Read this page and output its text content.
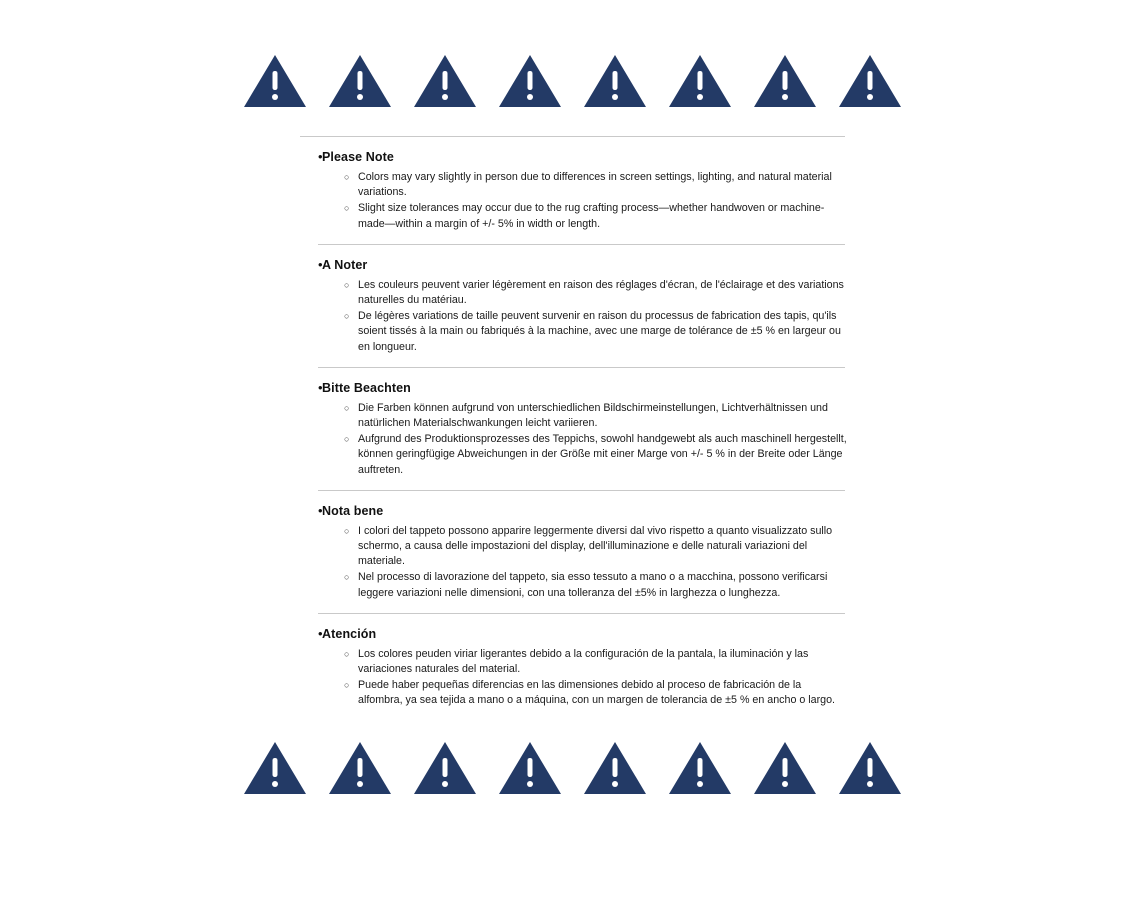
• Please Note
○ Colors may vary slightly in person due to differences in screen settings, lighting, and natural material variations.
○ Slight size tolerances may occur due to the rug crafting process—whether handwoven or machine-made—within a margin of +/- 5% in width or length.
• A Noter
○ Les couleurs peuvent varier légèrement en raison des réglages d'écran, de l'éclairage et des variations naturelles du matériau.
○ De légères variations de taille peuvent survenir en raison du processus de fabrication des tapis, qu'ils soient tissés à la main ou fabriqués à la machine, avec une marge de tolérance de ±5 % en largeur ou en longueur.
• Bitte Beachten
○ Die Farben können aufgrund von unterschiedlichen Bildschirmeinstellungen, Lichtverhältnissen und natürlichen Materialschwankungen leicht variieren.
○ Aufgrund des Produktionsprozesses des Teppichs, sowohl handgewebt als auch maschinell hergestellt, können geringfügige Abweichungen in der Größe mit einer Marge von +/- 5 % in der Breite oder Länge auftreten.
• Nota bene
○ I colori del tappeto possono apparire leggermente diversi dal vivo rispetto a quanto visualizzato sullo schermo, a causa delle impostazioni del display, dell'illuminazione e delle naturali variazioni del materiale.
○ Nel processo di lavorazione del tappeto, sia esso tessuto a mano o a macchina, possono verificarsi leggere variazioni nelle dimensioni, con una tolleranza del ±5% in larghezza o lunghezza.
• Atención
○ Los colores peuden viriar ligerantes debido a la configuración de la pantala, la iluminación y las variaciones naturales del material.
○ Puede haber pequeñas diferencias en las dimensiones debido al proceso de fabricación de la alfombra, ya sea tejida a mano o a máquina, con un margen de tolerancia de ±5 % en ancho o largo.
